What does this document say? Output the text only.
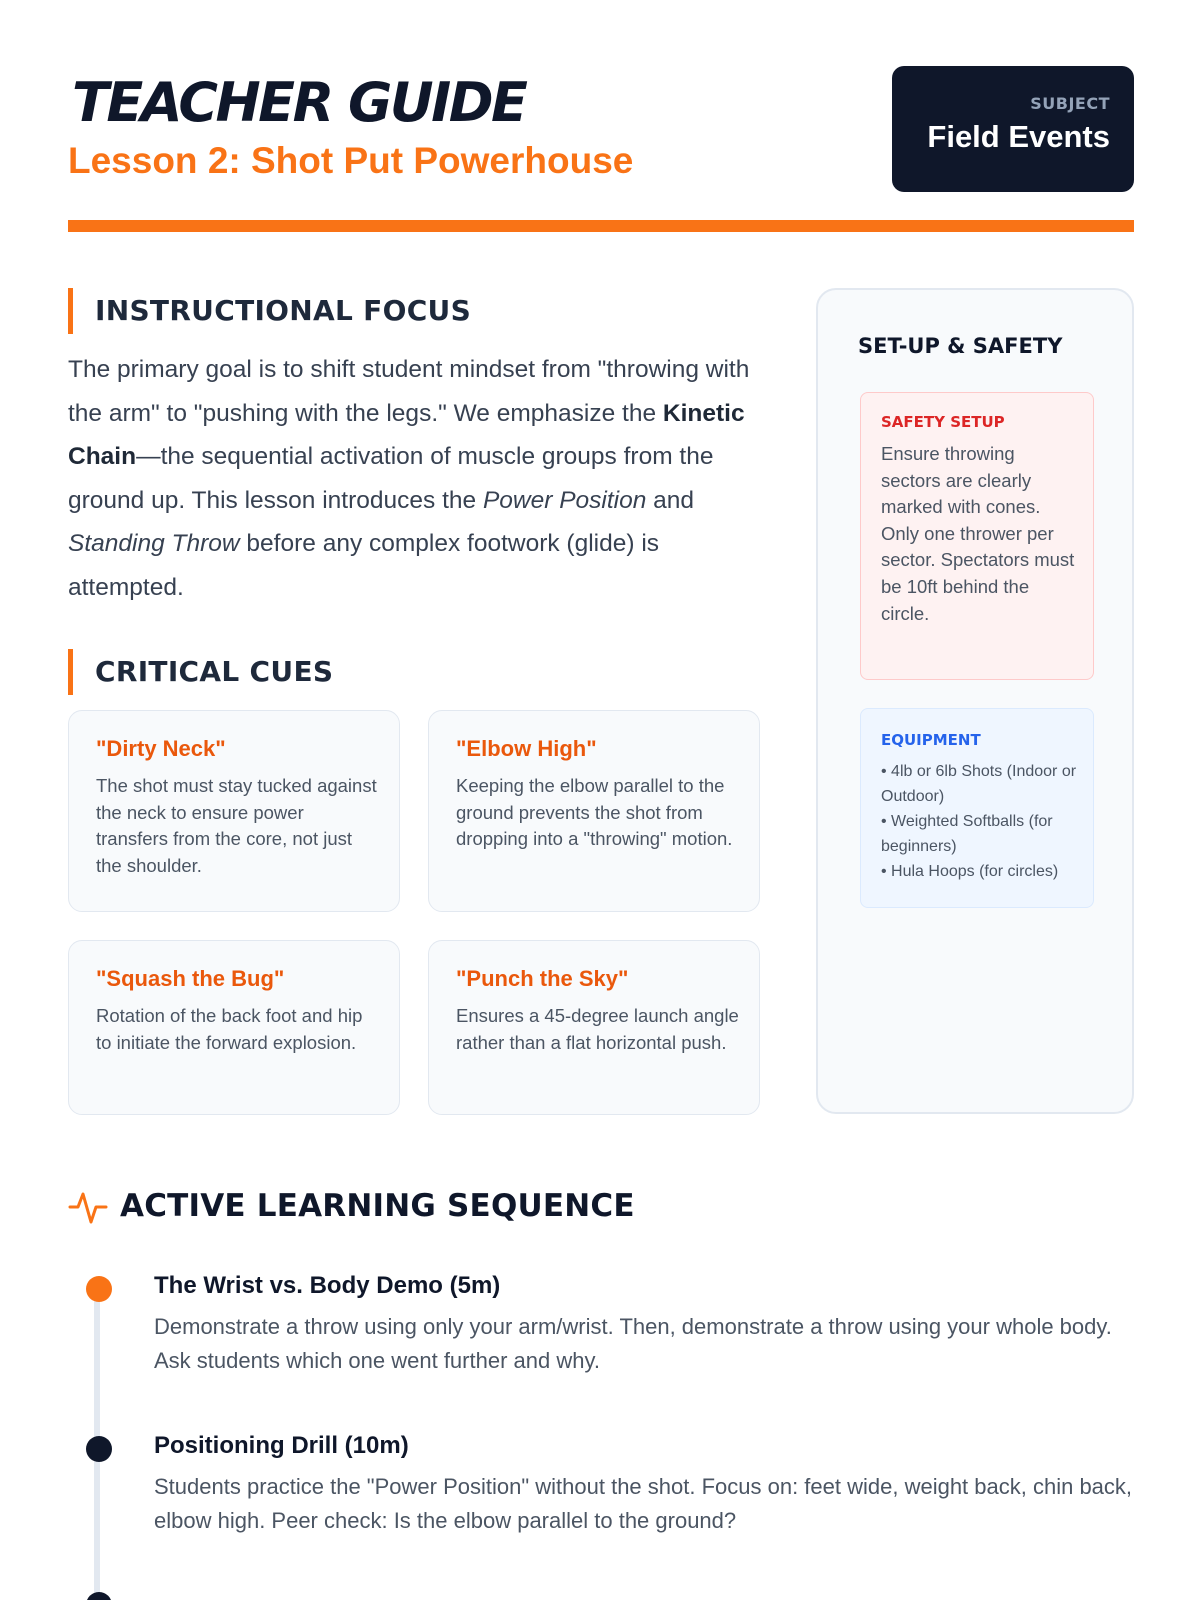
TEACHER GUIDE
Lesson 2: Shot Put Powerhouse
SUBJECT
Field Events
INSTRUCTIONAL FOCUS
The primary goal is to shift student mindset from "throwing with the arm" to "pushing with the legs." We emphasize the Kinetic Chain—the sequential activation of muscle groups from the ground up. This lesson introduces the Power Position and Standing Throw before any complex footwork (glide) is attempted.
CRITICAL CUES
"Dirty Neck"
The shot must stay tucked against the neck to ensure power transfers from the core, not just the shoulder.
"Elbow High"
Keeping the elbow parallel to the ground prevents the shot from dropping into a "throwing" motion.
"Squash the Bug"
Rotation of the back foot and hip to initiate the forward explosion.
"Punch the Sky"
Ensures a 45-degree launch angle rather than a flat horizontal push.
SET-UP & SAFETY
SAFETY SETUP
Ensure throwing sectors are clearly marked with cones. Only one thrower per sector. Spectators must be 10ft behind the circle.
EQUIPMENT
• 4lb or 6lb Shots (Indoor or Outdoor)
• Weighted Softballs (for beginners)
• Hula Hoops (for circles)
ACTIVE LEARNING SEQUENCE
The Wrist vs. Body Demo (5m)
Demonstrate a throw using only your arm/wrist. Then, demonstrate a throw using your whole body. Ask students which one went further and why.
Positioning Drill (10m)
Students practice the "Power Position" without the shot. Focus on: feet wide, weight back, chin back, elbow high. Peer check: Is the elbow parallel to the ground?
